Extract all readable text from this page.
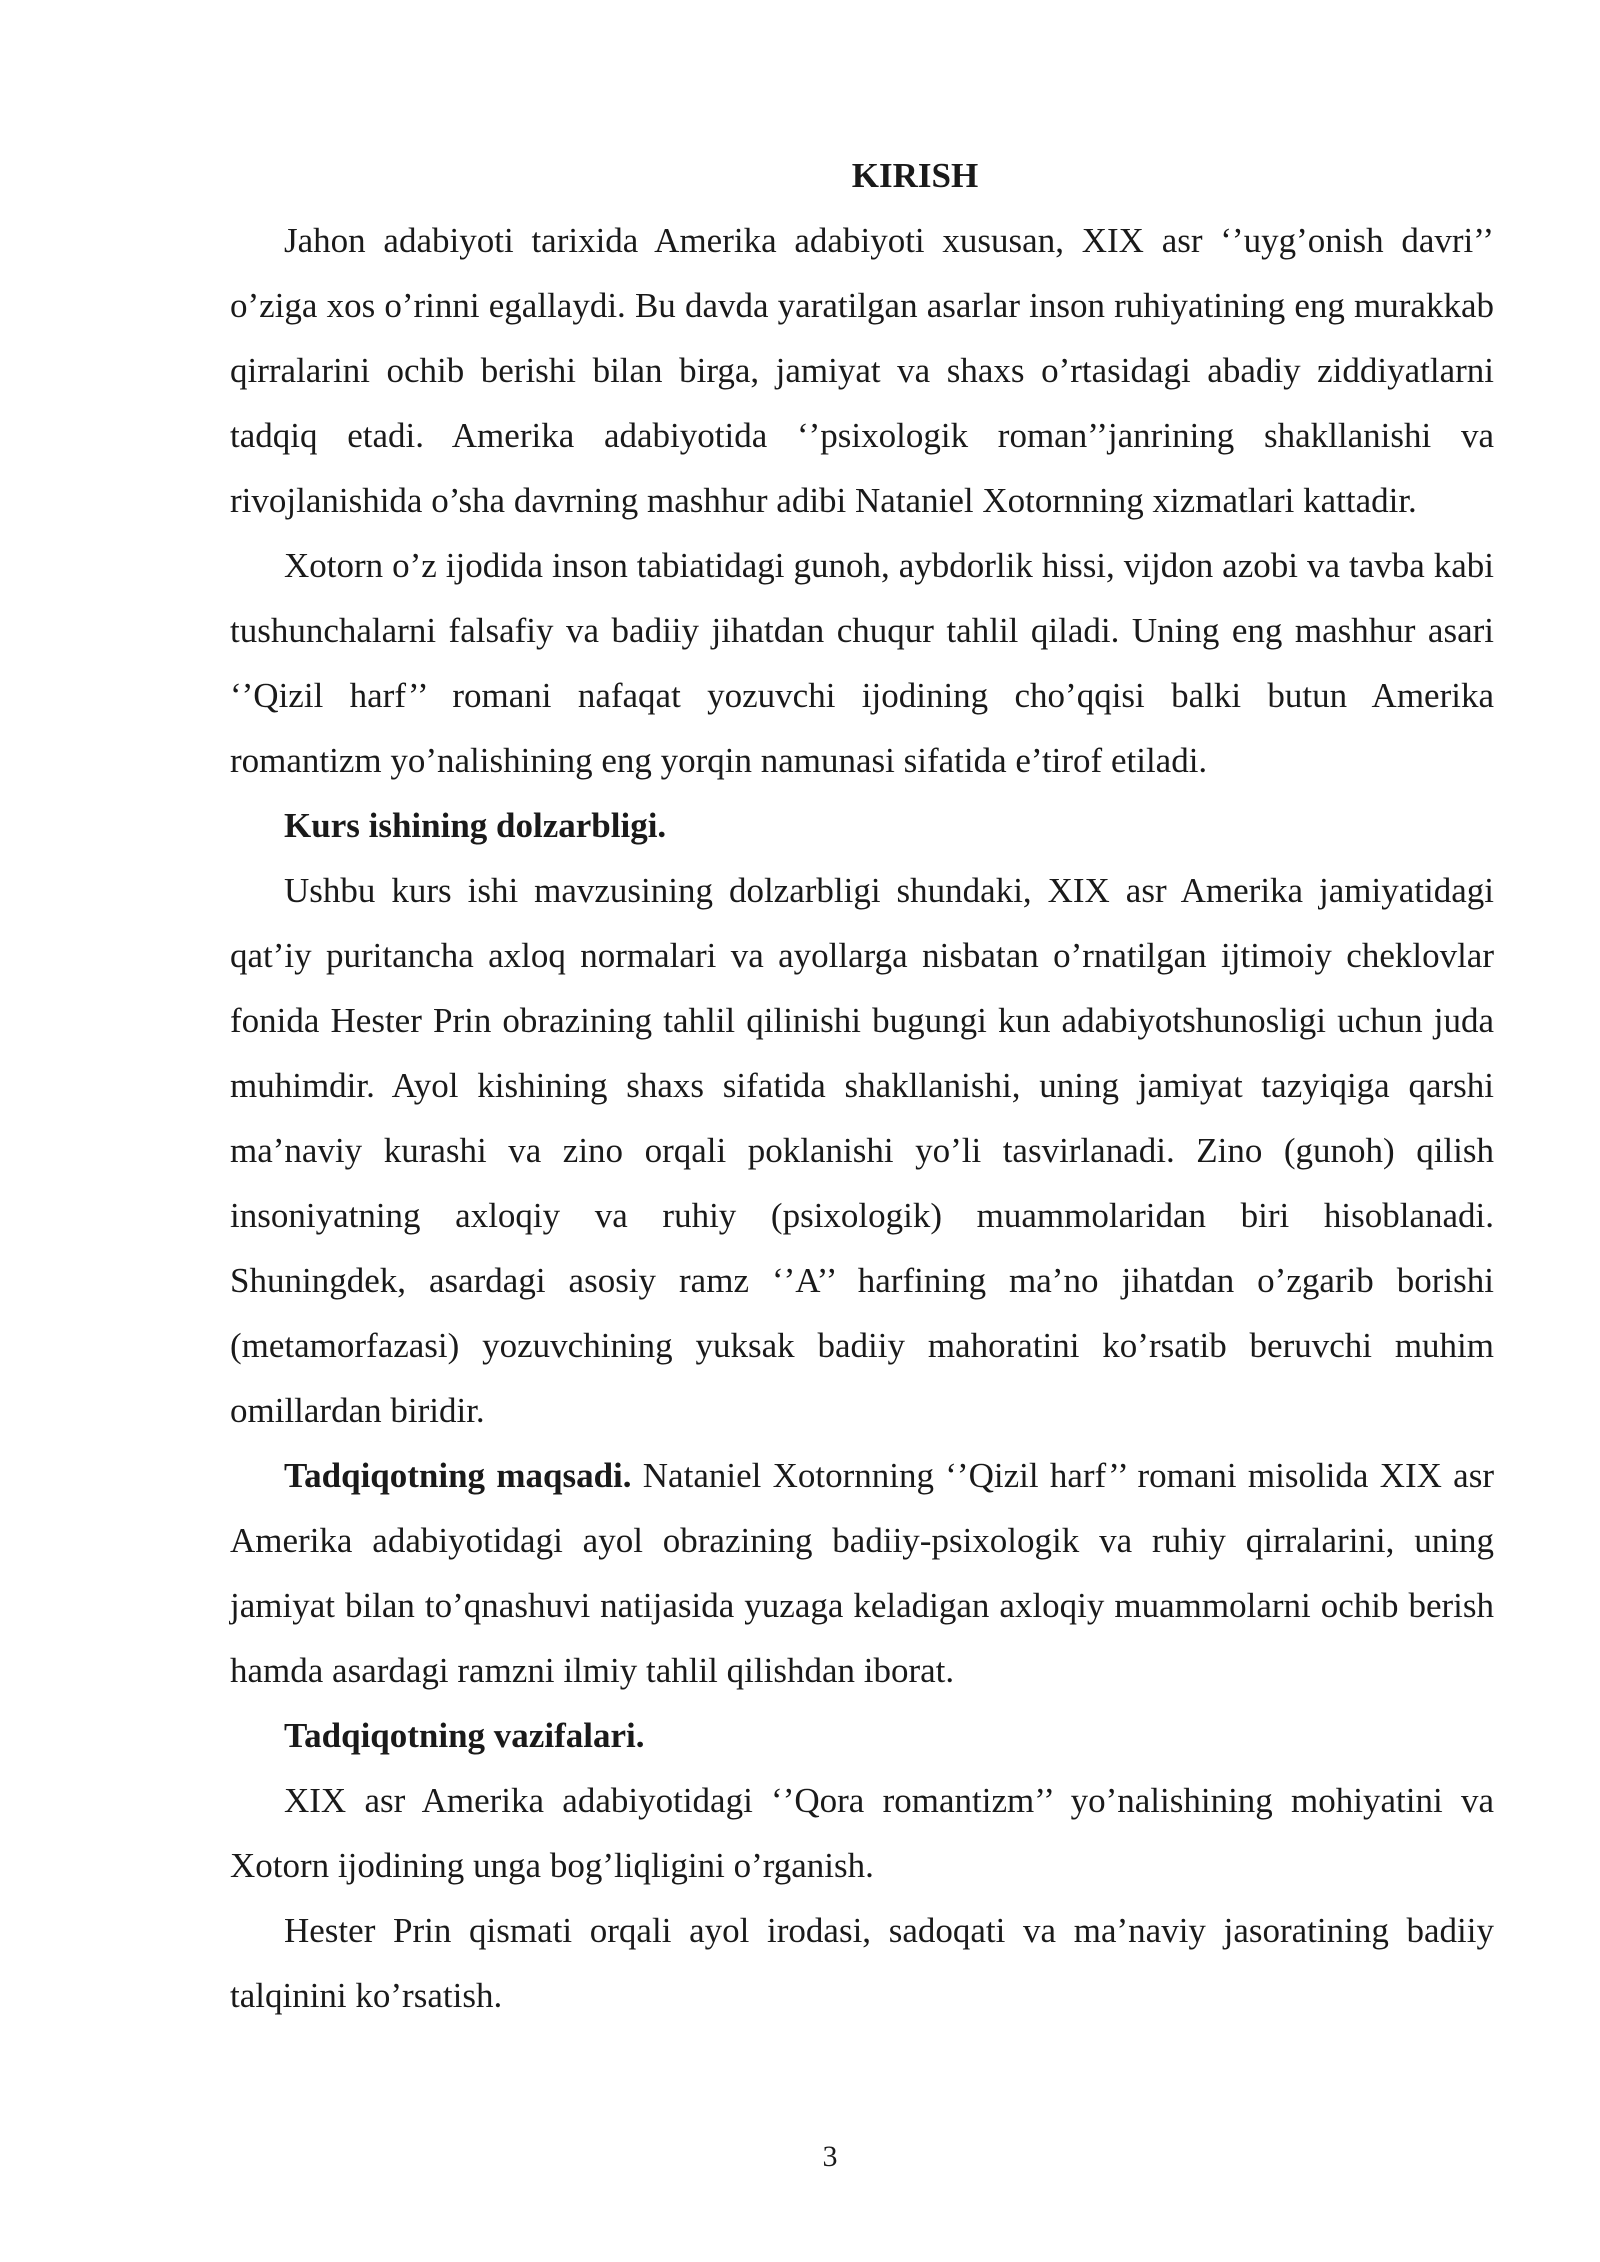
KIRISH

Jahon adabiyoti tarixida Amerika adabiyoti xususan, XIX asr ‘’uyg’onish davri’’ o’ziga xos o’rinni egallaydi. Bu davda yaratilgan asarlar inson ruhiyatining eng murakkab qirralarini ochib berishi bilan birga, jamiyat va shaxs o’rtasidagi abadiy ziddiyatlarni tadqiq etadi. Amerika adabiyotida ‘’psixologik roman’’janrining shakllanishi va rivojlanishida o’sha davrning mashhur adibi Nataniel Xotornning xizmatlari kattadir.

Xotorn o’z ijodida inson tabiatidagi gunoh, aybdorlik hissi, vijdon azobi va tavba kabi tushunchalarni falsafiy va badiiy jihatdan chuqur tahlil qiladi. Uning eng mashhur asari ‘’Qizil harf’’ romani nafaqat yozuvchi ijodining cho’qqisi balki butun Amerika romantizm yo’nalishining eng yorqin namunasi sifatida e’tirof etiladi.

Kurs ishining dolzarbligi.

Ushbu kurs ishi mavzusining dolzarbligi shundaki, XIX asr Amerika jamiyatidagi qat’iy puritancha axloq normalari va ayollarga nisbatan o’rnatilgan ijtimoiy cheklovlar fonida Hester Prin obrazining tahlil qilinishi bugungi kun adabiyotshunosligi uchun juda muhimdir. Ayol kishining shaxs sifatida shakllanishi, uning jamiyat tazyiqiga qarshi ma’naviy kurashi va zino orqali poklanishi yo’li tasvirlanadi. Zino (gunoh) qilish insoniyatning axloqiy va ruhiy (psixologik) muammolaridan biri hisoblanadi. Shuningdek, asardagi asosiy ramz ‘’A’’ harfining ma’no jihatdan o’zgarib borishi (metamorfazasi) yozuvchining yuksak badiiy mahoratini ko’rsatib beruvchi muhim omillardan biridir.

Tadqiqotning maqsadi. Nataniel Xotornning ‘’Qizil harf’’ romani misolida XIX asr Amerika adabiyotidagi ayol obrazining badiiy-psixologik va ruhiy qirralarini, uning jamiyat bilan to’qnashuvi natijasida yuzaga keladigan axloqiy muammolarni ochib berish hamda asardagi ramzni ilmiy tahlil qilishdan iborat.

Tadqiqotning vazifalari.

XIX asr Amerika adabiyotidagi ‘’Qora romantizm’’ yo’nalishining mohiyatini va Xotorn ijodining unga bog’liqligini o’rganish.

Hester Prin qismati orqali ayol irodasi, sadoqati va ma’naviy jasoratining badiiy talqinini ko’rsatish.

3
